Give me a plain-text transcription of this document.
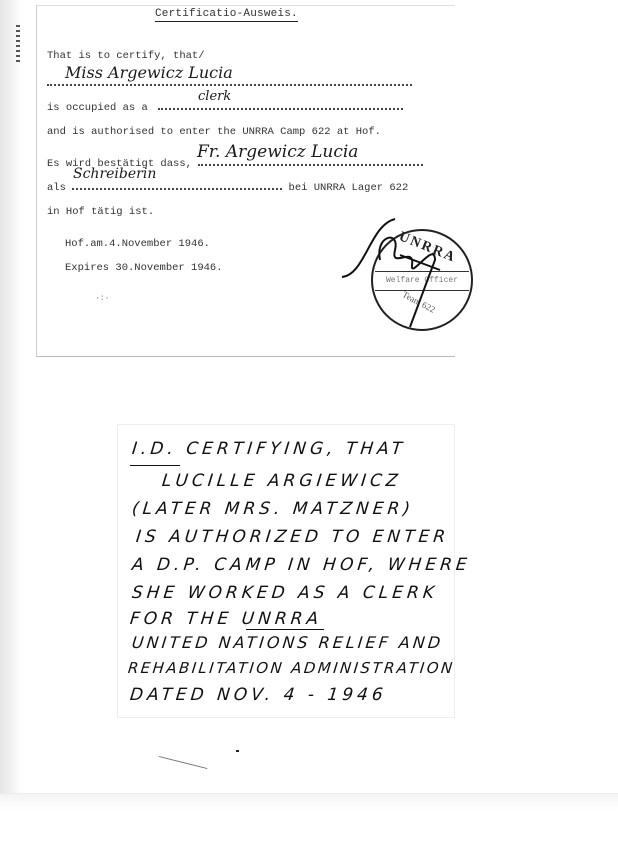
Certificatio-Ausweis.
That is to certify, that/
Miss Argewicz Lucia
is occupied as a
clerk
and is authorised to enter the UNRRA Camp 622 at Hof.
Es wird bestätigt dass,
Fr. Argewicz Lucia
als	bei UNRRA Lager 622
Schreiberin
in Hof tätig ist.
Hof.am.4.November 1946.
Expires 30.November 1946.
·:·
UNRRA
Welfare Officer
Team 622
I.D. CERTIFYING, THAT
LUCILLE ARGIEWICZ
(LATER MRS. MATZNER)
IS AUTHORIZED TO ENTER
A D.P. CAMP IN HOF, WHERE
SHE WORKED AS A CLERK
FOR THE UNRRA
UNITED NATIONS RELIEF AND
REHABILITATION ADMINISTRATION
DATED NOV. 4 - 1946
